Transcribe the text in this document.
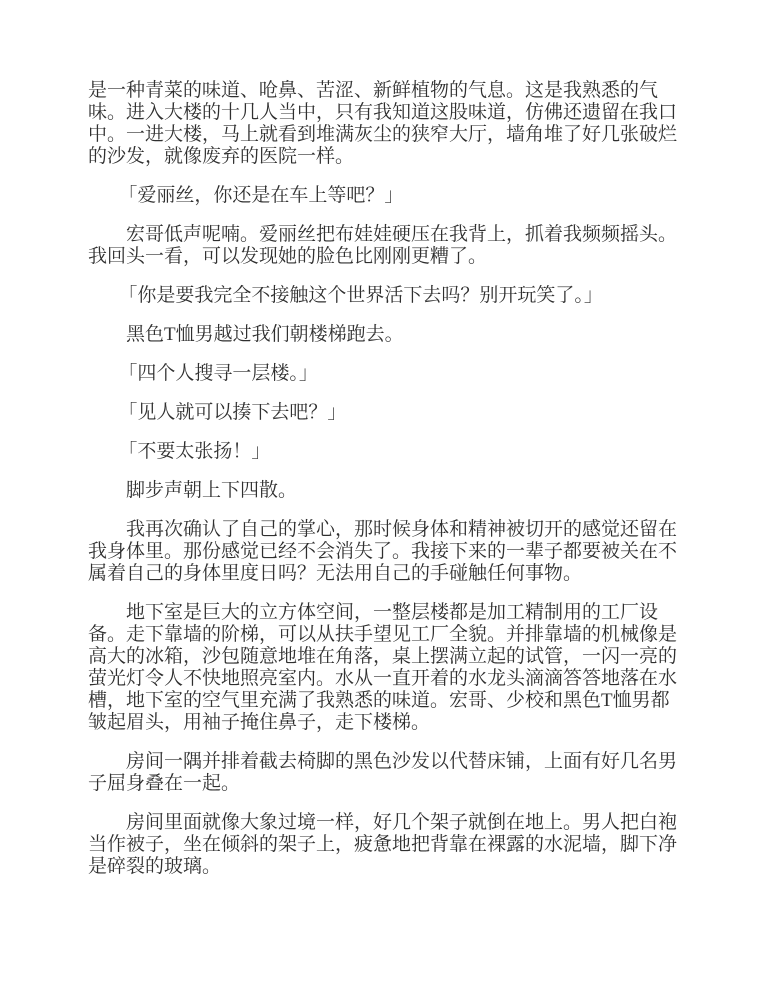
是一种青菜的味道、呛鼻、苦涩、新鲜植物的气息。这是我熟悉的气味。进入大楼的十几人当中，只有我知道这股味道，仿佛还遗留在我口中。一进大楼，马上就看到堆满灰尘的狭窄大厅，墙角堆了好几张破烂的沙发，就像废弃的医院一样。

「爱丽丝，你还是在车上等吧？」

宏哥低声呢喃。爱丽丝把布娃娃硬压在我背上，抓着我频频摇头。我回头一看，可以发现她的脸色比刚刚更糟了。

「你是要我完全不接触这个世界活下去吗？别开玩笑了。」

黑色T恤男越过我们朝楼梯跑去。

「四个人搜寻一层楼。」

「见人就可以揍下去吧？」

「不要太张扬！」

脚步声朝上下四散。

我再次确认了自己的掌心，那时候身体和精神被切开的感觉还留在我身体里。那份感觉已经不会消失了。我接下来的一辈子都要被关在不属着自己的身体里度日吗？无法用自己的手碰触任何事物。

地下室是巨大的立方体空间，一整层楼都是加工精制用的工厂设备。走下靠墙的阶梯，可以从扶手望见工厂全貌。并排靠墙的机械像是高大的冰箱，沙包随意地堆在角落，桌上摆满立起的试管，一闪一亮的萤光灯令人不快地照亮室内。水从一直开着的水龙头滴滴答答地落在水槽，地下室的空气里充满了我熟悉的味道。宏哥、少校和黑色T恤男都皱起眉头，用袖子掩住鼻子，走下楼梯。

房间一隅并排着截去椅脚的黑色沙发以代替床铺，上面有好几名男子屈身叠在一起。

房间里面就像大象过境一样，好几个架子就倒在地上。男人把白袍当作被子，坐在倾斜的架子上，疲惫地把背靠在裸露的水泥墙，脚下净是碎裂的玻璃。
